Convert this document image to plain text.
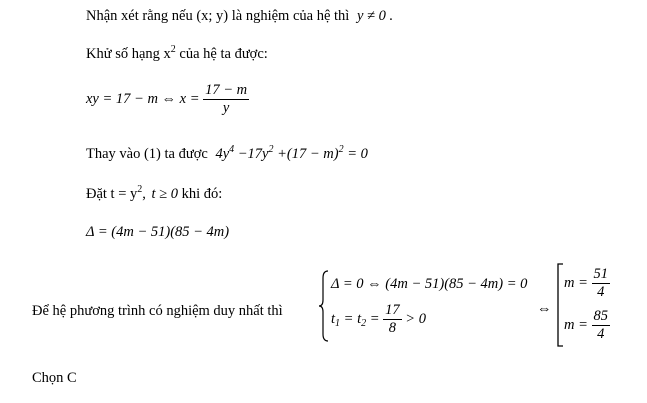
Nhận xét rằng nếu (x; y) là nghiệm của hệ thì y ≠ 0 .
Khử số hạng $x^2$ của hệ ta được:
xy = 17 − m ⇔ $x = \frac{17 - m}{y}$
Thay vào (1) ta được $4y^4 -17y^2 +(17 - m)^2 = 0$
Đặt $t = y^2$, t ≥ 0 khi đó:
Δ = (4m − 51)(85 − 4m)
Để hệ phương trình có nghiệm duy nhất thì
Δ = 0 ⇔ (4m − 51)(85 − 4m) = 0
$t_1 = t_2 = \frac{17}{8} > 0$
⇔
$m = \frac{51}{4}$
$m = \frac{85}{4}$
Chọn C
